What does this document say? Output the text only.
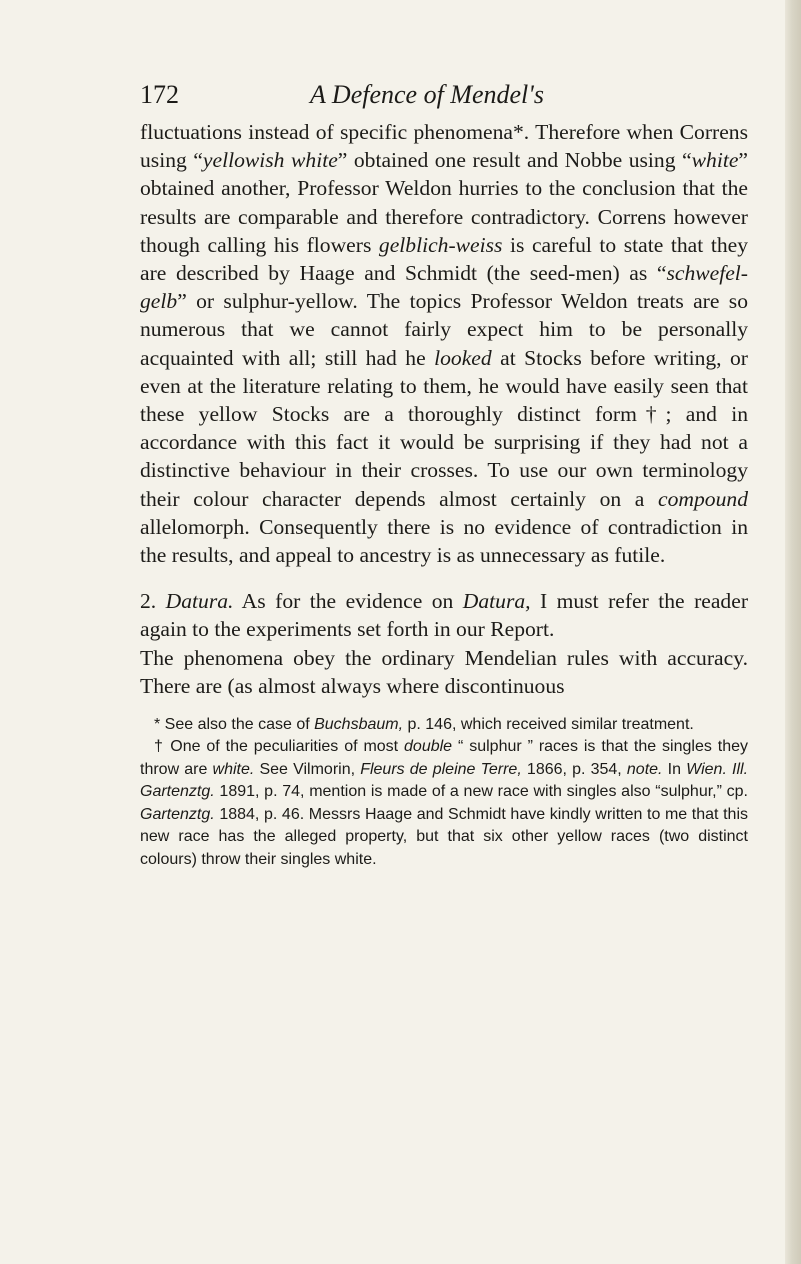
172	A Defence of Mendel's

fluctuations instead of specific phenomena*. Therefore when Correns using “yellowish white” obtained one result and Nobbe using “white” obtained another, Professor Weldon hurries to the conclusion that the results are comparable and therefore contradictory. Correns however though calling his flowers gelblich-weiss is careful to state that they are described by Haage and Schmidt (the seed-men) as “schwefel-gelb” or sulphur-yellow. The topics Professor Weldon treats are so numerous that we cannot fairly expect him to be personally acquainted with all; still had he looked at Stocks before writing, or even at the literature relating to them, he would have easily seen that these yellow Stocks are a thoroughly distinct form†; and in accordance with this fact it would be surprising if they had not a distinctive behaviour in their crosses. To use our own terminology their colour character depends almost certainly on a compound allelomorph. Consequently there is no evidence of contradiction in the results, and appeal to ancestry is as unnecessary as futile.

2. Datura. As for the evidence on Datura, I must refer the reader again to the experiments set forth in our Report.

The phenomena obey the ordinary Mendelian rules with accuracy. There are (as almost always where discontinuous

* See also the case of Buchsbaum, p. 146, which received similar treatment.

† One of the peculiarities of most double “ sulphur ” races is that the singles they throw are white. See Vilmorin, Fleurs de pleine Terre, 1866, p. 354, note. In Wien. Ill. Gartenztg. 1891, p. 74, mention is made of a new race with singles also “sulphur,” cp. Gartenztg. 1884, p. 46. Messrs Haage and Schmidt have kindly written to me that this new race has the alleged property, but that six other yellow races (two distinct colours) throw their singles white.
